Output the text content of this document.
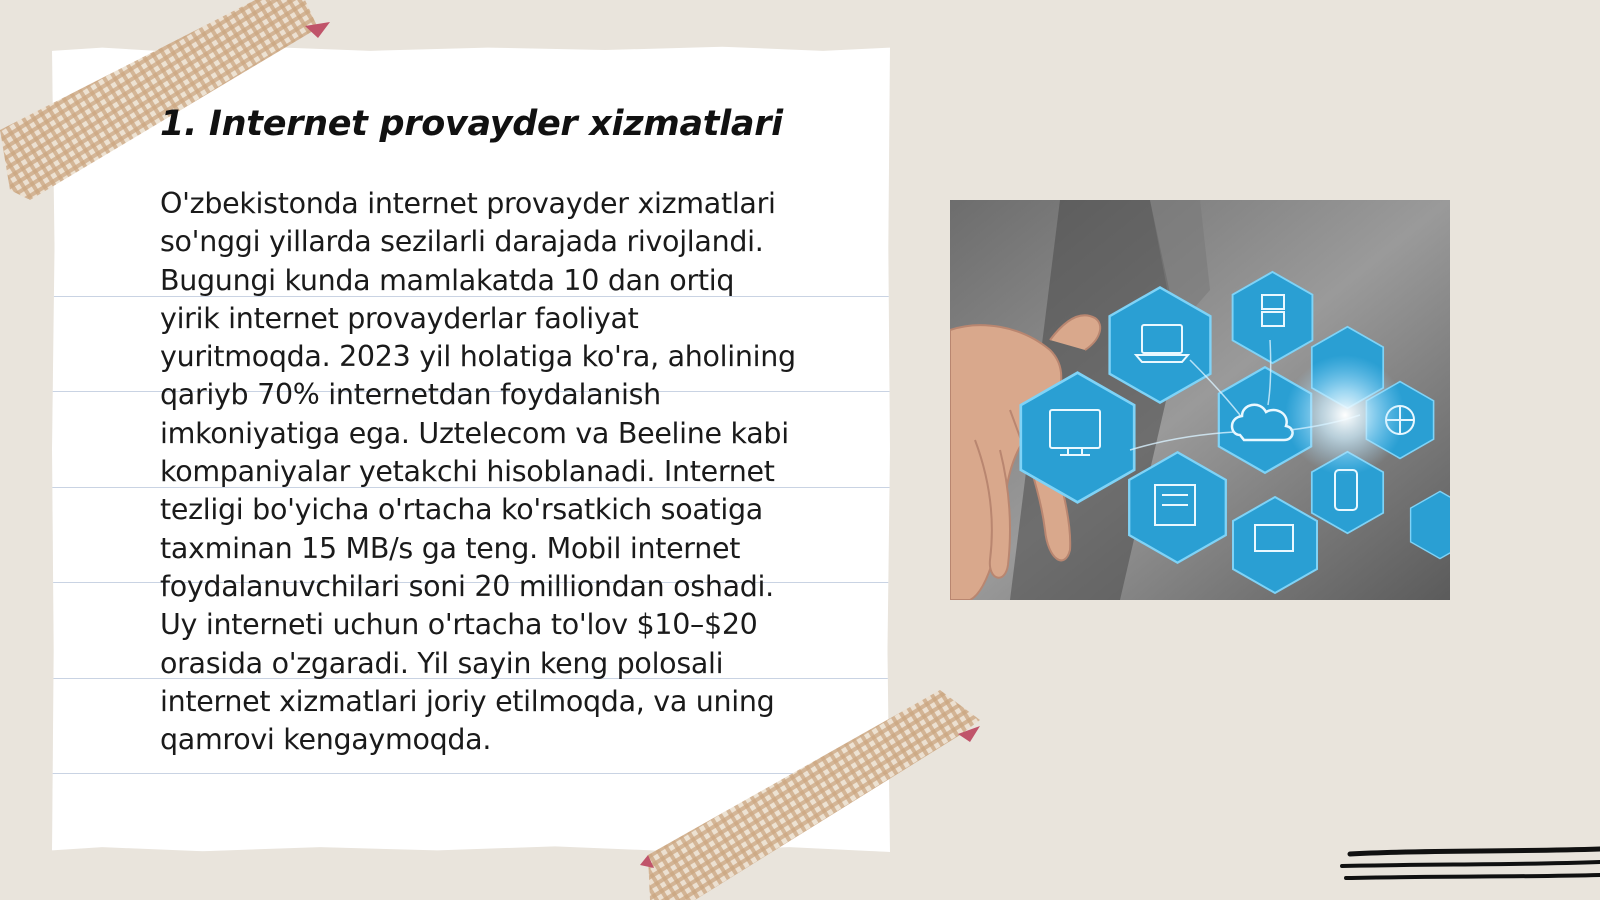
1. Internet provayder xizmatlari

O'zbekistonda internet provayder xizmatlari
so'nggi yillarda sezilarli darajada rivojlandi.
Bugungi kunda mamlakatda 10 dan ortiq
yirik internet provayderlar faoliyat
yuritmoqda. 2023 yil holatiga ko'ra, aholining
qariyb 70% internetdan foydalanish
imkoniyatiga ega. Uztelecom va Beeline kabi
kompaniyalar yetakchi hisoblanadi. Internet
tezligi bo'yicha o'rtacha ko'rsatkich soatiga
taxminan 15 MB/s ga teng. Mobil internet
foydalanuvchilari soni 20 milliondan oshadi.
Uy interneti uchun o'rtacha to'lov $10–$20
orasida o'zgaradi. Yil sayin keng polosali
internet xizmatlari joriy etilmoqda, va uning
qamrovi kengaymoqda.
